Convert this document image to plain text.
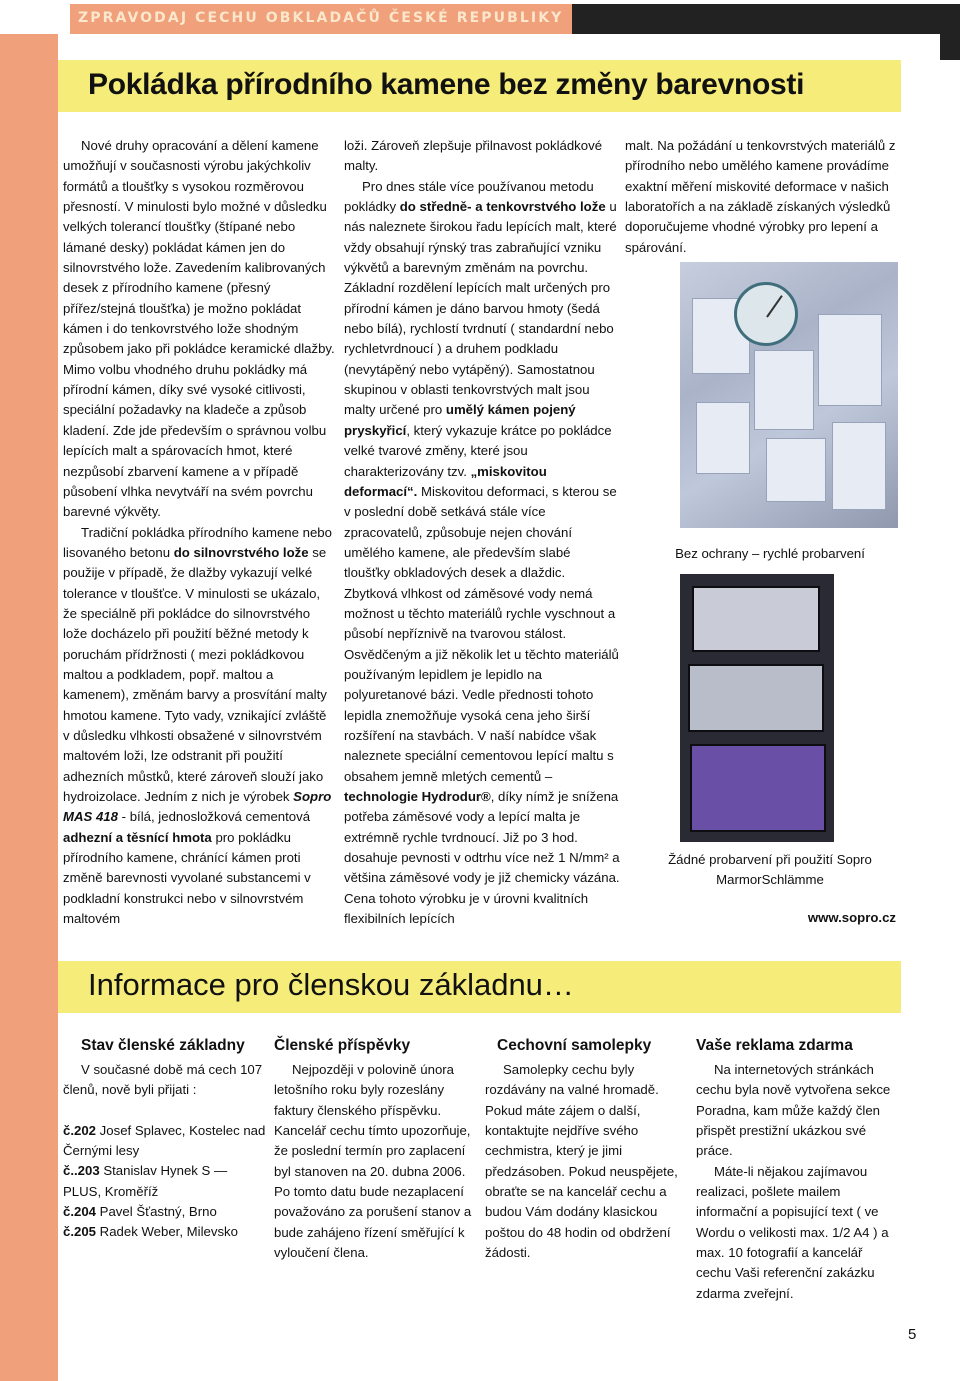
ZPRAVODAJ CECHU OBKLADAČŮ ČESKÉ REPUBLIKY
Pokládka přírodního kamene bez změny barevnosti

Nové druhy opracování a dělení kamene umožňují v současnosti výrobu jakýchkoliv formátů a tloušťky s vysokou rozměrovou přesností. V minulosti bylo možné v důsledku velkých tolerancí tloušťky (štípané nebo lámané desky) pokládat kámen jen do silnovrstvého lože. Zavedením kalibrovaných desek z přírodního kamene (přesný přířez/stejná tloušťka) je možno pokládat kámen i do tenkovrstvého lože shodným způsobem jako při pokládce keramické dlažby. Mimo volbu vhodného druhu pokládky má přírodní kámen, díky své vysoké citlivosti, speciální požadavky na kladeče a způsob kladení. Zde jde především o správnou volbu lepících malt a spárovacích hmot, které nezpůsobí zbarvení kamene a v případě působení vlhka nevytváří na svém povrchu barevné výkvěty.

Tradiční pokládka přírodního kamene nebo lisovaného betonu do silnovrstvého lože se použije v případě, že dlažby vykazují velké tolerance v tloušťce. V minulosti se ukázalo, že speciálně při pokládce do silnovrstvého lože docházelo při použití běžné metody k poruchám přídržnosti ( mezi pokládkovou maltou a podkladem, popř. maltou a kamenem), změnám barvy a prosvítání malty hmotou kamene. Tyto vady, vznikající zvláště v důsledku vlhkosti obsažené v silnovrstvém maltovém loži, lze odstranit při použití adhezních můstků, které zároveň slouží jako hydroizolace. Jedním z nich je výrobek Sopro MAS 418 - bílá, jednosložková cementová adhezní a těsnící hmota pro pokládku přírodního kamene, chránící kámen proti změně barevnosti vyvolané substancemi v podkladní konstrukci nebo v silnovrstvém maltovém

loži. Zároveň zlepšuje přilnavost pokládkové malty.

Pro dnes stále více používanou metodu pokládky do středně- a tenkovrstvého lože u nás naleznete širokou řadu lepících malt, které vždy obsahují rýnský tras zabraňující vzniku výkvětů a barevným změnám na povrchu. Základní rozdělení lepících malt určených pro přírodní kámen je dáno barvou hmoty (šedá nebo bílá), rychlostí tvrdnutí ( standardní nebo rychletvrdnoucí ) a druhem podkladu (nevytápěný nebo vytápěný). Samostatnou skupinou v oblasti tenkovrstvých malt jsou malty určené pro umělý kámen pojený pryskyřicí, který vykazuje krátce po pokládce velké tvarové změny, které jsou charakterizovány tzv. „miskovitou deformací“. Miskovitou deformaci, s kterou se v poslední době setkává stále více zpracovatelů, způsobuje nejen chování umělého kamene, ale především slabé tloušťky obkladových desek a dlaždic. Zbytková vlhkost od záměsové vody nemá možnost u těchto materiálů rychle vyschnout a působí nepříznivě na tvarovou stálost. Osvědčeným a již několik let u těchto materiálů používaným lepidlem je lepidlo na polyuretanové bázi. Vedle přednosti tohoto lepidla znemožňuje vysoká cena jeho širší rozšíření na stavbách. V naší nabídce však naleznete speciální cementovou lepící maltu s obsahem jemně mletých cementů – technologie Hydrodur®, díky nímž je snížena potřeba záměsové vody a lepící malta je extrémně rychle tvrdnoucí. Již po 3 hod. dosahuje pevnosti v odtrhu více než 1 N/mm² a většina záměsové vody je již chemicky vázána. Cena tohoto výrobku je v úrovni kvalitních flexibilních lepících

malt. Na požádání u tenkovrstvých materiálů z přírodního nebo umělého kamene provádíme exaktní měření miskovité deformace v našich laboratořích a na základě získaných výsledků doporučujeme vhodné výrobky pro lepení a spárování.

Bez ochrany – rychlé probarvení
Žádné probarvení při použití Sopro MarmorSchlämme
www.sopro.cz
Informace pro členskou základnu…
Stav členské základny

V současné době má cech 107 členů, nově byli přijati :

č.202 Josef Splavec, Kostelec nad Černými lesy

č..203 Stanislav Hynek S — PLUS, Kroměříž

č.204 Pavel Šťastný, Brno

č.205 Radek Weber, Milevsko

Členské příspěvky

Nejpozději v polovině února letošního roku byly rozeslány faktury členského příspěvku. Kancelář cechu tímto upozorňuje, že poslední termín pro zaplacení byl stanoven na 20. dubna 2006. Po tomto datu bude nezaplacení považováno za porušení stanov a bude zahájeno řízení směřující k vyloučení člena.

Cechovní samolepky

Samolepky cechu byly rozdávány na valné hromadě. Pokud máte zájem o další, kontaktujte nejdříve svého cechmistra, který je jimi předzásoben. Pokud neuspějete, obraťte se na kancelář cechu a budou Vám dodány klasickou poštou do 48 hodin od obdržení žádosti.

Vaše reklama zdarma

Na internetových stránkách cechu byla nově vytvořena sekce Poradna, kam může každý člen přispět prestižní ukázkou své práce.

Máte-li nějakou zajímavou realizaci, pošlete mailem informační a popisující text ( ve Wordu o velikosti max. 1/2 A4 ) a max. 10 fotografií a kancelář cechu Vaši referenční zakázku zdarma zveřejní.

5
